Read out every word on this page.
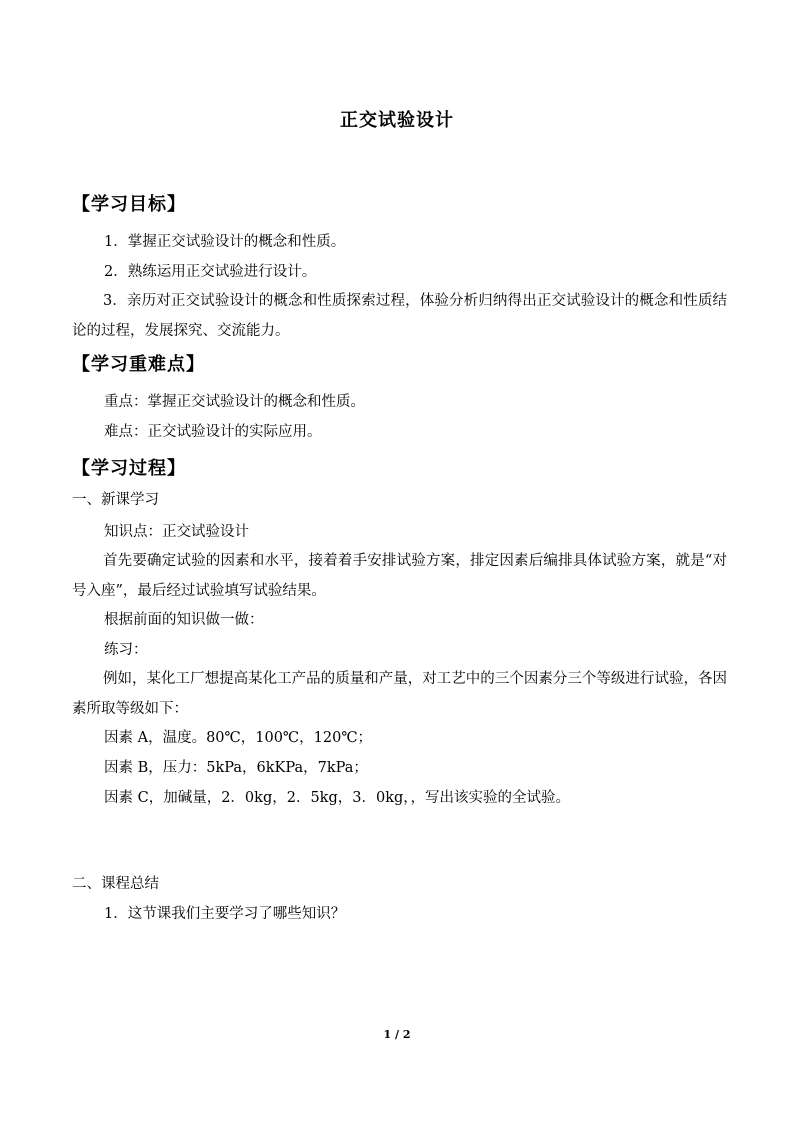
正交试验设计
【学习目标】
1．掌握正交试验设计的概念和性质。
2．熟练运用正交试验进行设计。
3．亲历对正交试验设计的概念和性质探索过程，体验分析归纳得出正交试验设计的概念和性质结论的过程，发展探究、交流能力。
【学习重难点】
重点：掌握正交试验设计的概念和性质。
难点：正交试验设计的实际应用。
【学习过程】
一、新课学习
知识点：正交试验设计
首先要确定试验的因素和水平，接着着手安排试验方案，排定因素后编排具体试验方案，就是“对号入座”，最后经过试验填写试验结果。
根据前面的知识做一做：
练习：
例如，某化工厂想提高某化工产品的质量和产量，对工艺中的三个因素分三个等级进行试验，各因素所取等级如下：
因素 A，温度。80℃，100℃，120℃；
因素 B，压力：5kPa，6kKPa，7kPa；
因素 C，加碱量，2．0kg，2．5kg，3．0kg，，写出该实验的全试验。
二、课程总结
1．这节课我们主要学习了哪些知识？
1 / 2
